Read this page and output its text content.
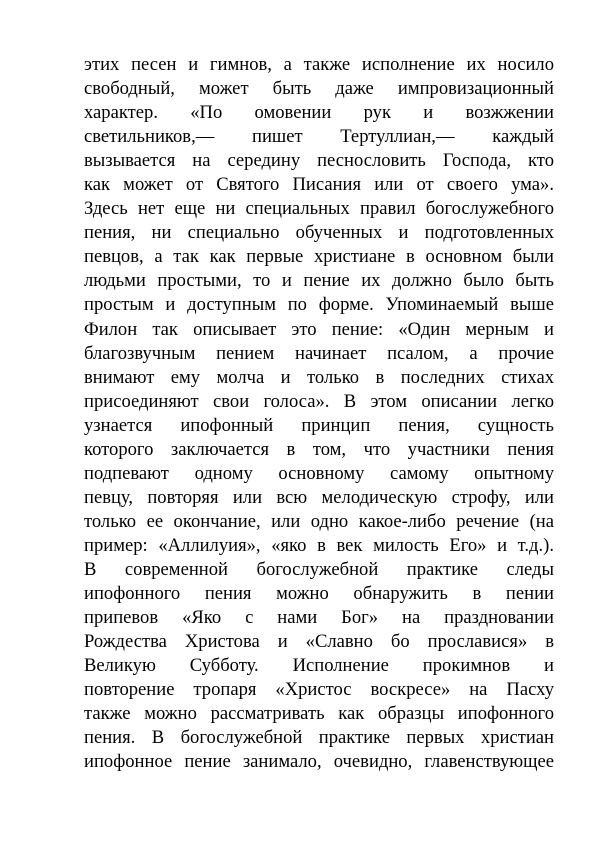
этих песен и гимнов, а также исполнение их носило
свободный, может быть даже импровизационный
характер. «По омовении рук и возжжении
светильников,— пишет Тертуллиан,— каждый
вызывается на середину песнословить Господа, кто
как может от Святого Писания или от своего ума».
Здесь нет еще ни специальных правил богослужебного
пения, ни специально обученных и подготовленных
певцов, а так как первые христиане в основном были
людьми простыми, то и пение их должно было быть
простым и доступным по форме. Упоминаемый выше
Филон так описывает это пение: «Один мерным и
благозвучным пением начинает псалом, а прочие
внимают ему молча и только в последних стихах
присоединяют свои голоса». В этом описании легко
узнается ипофонный принцип пения, сущность
которого заключается в том, что участники пения
подпевают одному основному самому опытному
певцу, повторяя или всю мелодическую строфу, или
только ее окончание, или одно какое-либо речение (на
пример: «Аллилуия», «яко в век милость Его» и т.д.).
В современной богослужебной практике следы
ипофонного пения можно обнаружить в пении
припевов «Яко с нами Бог» на праздновании
Рождества Христова и «Славно бо прославися» в
Великую Субботу. Исполнение прокимнов и
повторение тропаря «Христос воскресе» на Пасху
также можно рассматривать как образцы ипофонного
пения. В богослужебной практике первых христиан
ипофонное пение занимало, очевидно, главенствующее
